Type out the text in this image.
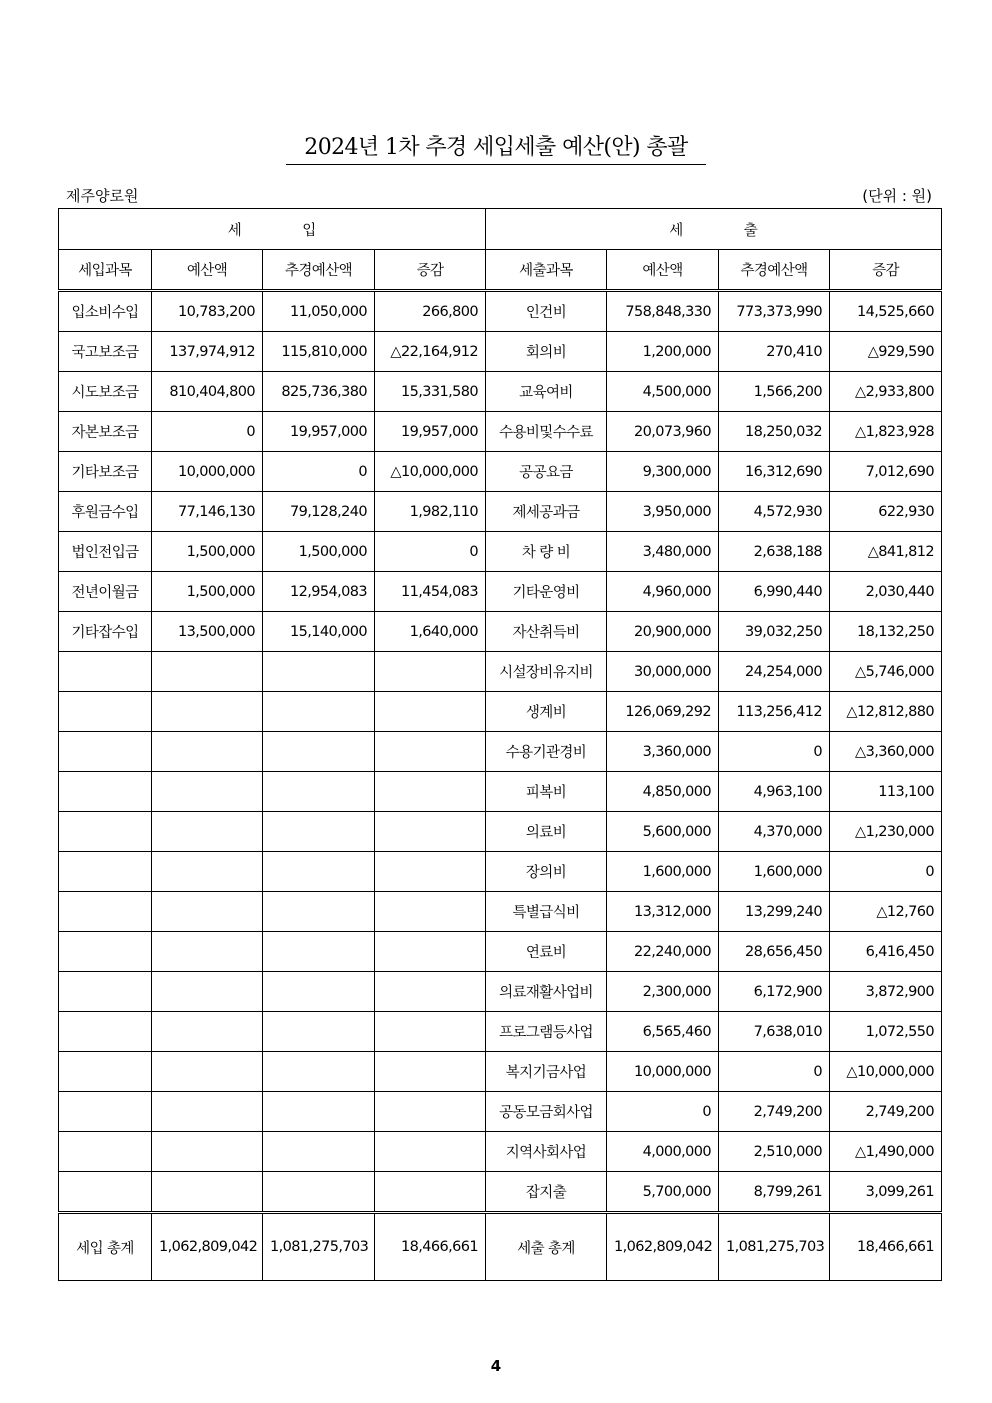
2024년 1차 추경 세입세출 예산(안) 총괄
제주양로원	(단위 : 원)
세 입				세 출			
세입과목	예산액	추경예산액	증감	세출과목	예산액	추경예산액	증감
입소비수입	10,783,200	11,050,000	266,800	인건비	758,848,330	773,373,990	14,525,660
국고보조금	137,974,912	115,810,000	△22,164,912	회의비	1,200,000	270,410	△929,590
시도보조금	810,404,800	825,736,380	15,331,580	교육여비	4,500,000	1,566,200	△2,933,800
자본보조금	0	19,957,000	19,957,000	수용비및수수료	20,073,960	18,250,032	△1,823,928
기타보조금	10,000,000	0	△10,000,000	공공요금	9,300,000	16,312,690	7,012,690
후원금수입	77,146,130	79,128,240	1,982,110	제세공과금	3,950,000	4,572,930	622,930
법인전입금	1,500,000	1,500,000	0	차 량 비	3,480,000	2,638,188	△841,812
전년이월금	1,500,000	12,954,083	11,454,083	기타운영비	4,960,000	6,990,440	2,030,440
기타잡수입	13,500,000	15,140,000	1,640,000	자산취득비	20,900,000	39,032,250	18,132,250
				시설장비유지비	30,000,000	24,254,000	△5,746,000
				생계비	126,069,292	113,256,412	△12,812,880
				수용기관경비	3,360,000	0	△3,360,000
				피복비	4,850,000	4,963,100	113,100
				의료비	5,600,000	4,370,000	△1,230,000
				장의비	1,600,000	1,600,000	0
				특별급식비	13,312,000	13,299,240	△12,760
				연료비	22,240,000	28,656,450	6,416,450
				의료재활사업비	2,300,000	6,172,900	3,872,900
				프로그램등사업	6,565,460	7,638,010	1,072,550
				복지기금사업	10,000,000	0	△10,000,000
				공동모금회사업	0	2,749,200	2,749,200
				지역사회사업	4,000,000	2,510,000	△1,490,000
				잡지출	5,700,000	8,799,261	3,099,261
세입 총계	1,062,809,042	1,081,275,703	18,466,661	세출 총계	1,062,809,042	1,081,275,703	18,466,661
4
